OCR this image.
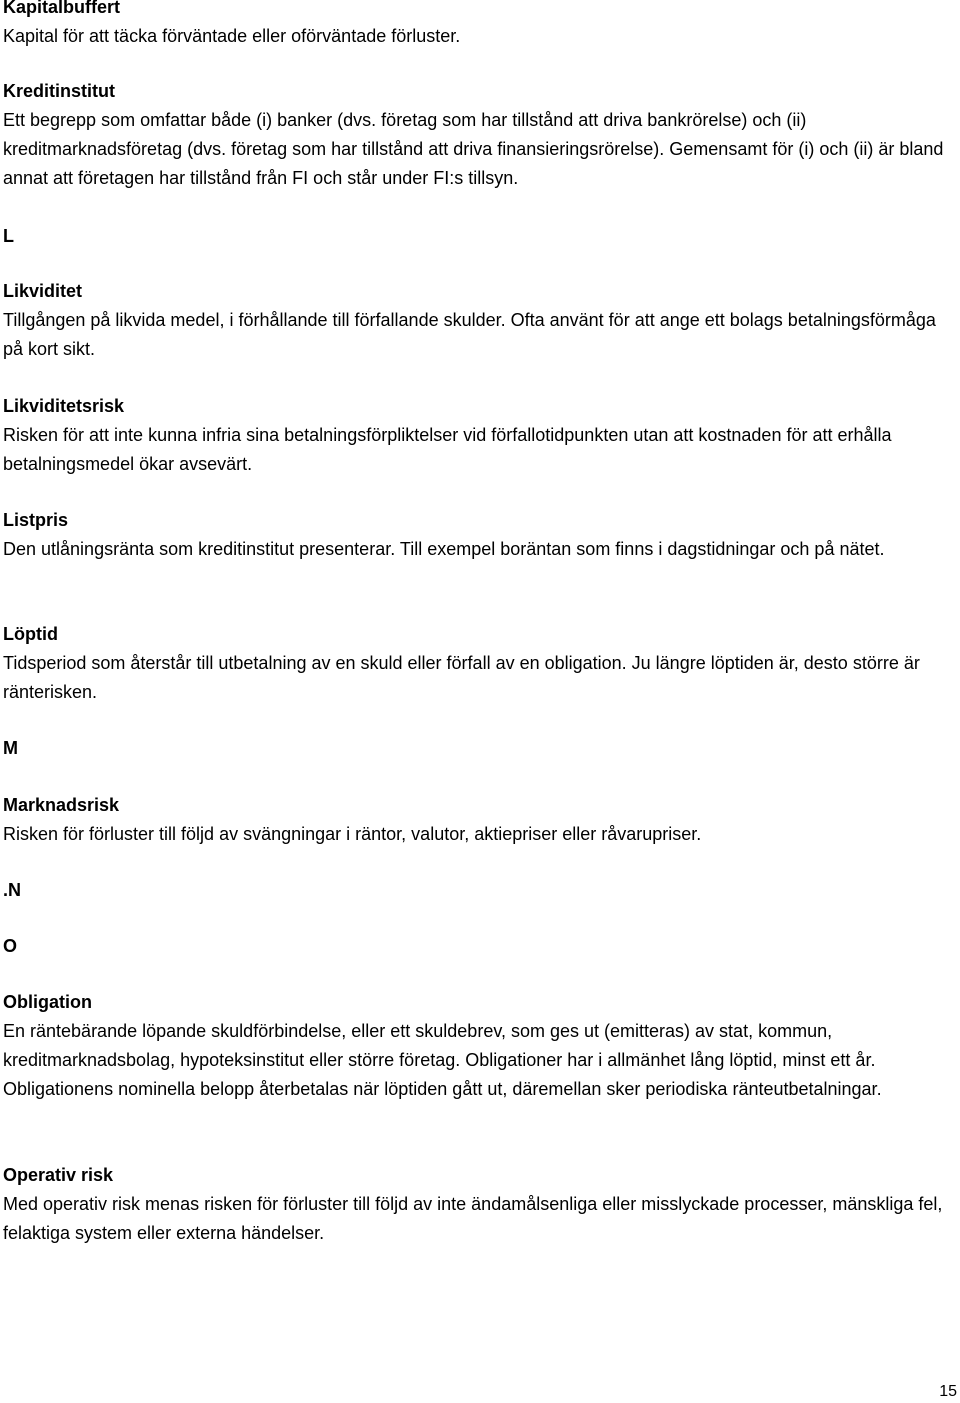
Kapitalbuffert

Kapital för att täcka förväntade eller oförväntade förluster.

Kreditinstitut

Ett begrepp som omfattar både (i) banker (dvs. företag som har tillstånd att driva bankrörelse) och (ii) kreditmarknadsföretag (dvs. företag som har tillstånd att driva finansieringsrörelse). Gemensamt för (i) och (ii) är bland annat att företagen har tillstånd från FI och står under FI:s tillsyn.

L

Likviditet

Tillgången på likvida medel, i förhållande till förfallande skulder. Ofta använt för att ange ett bolags betalningsförmåga på kort sikt.

Likviditetsrisk

Risken för att inte kunna infria sina betalningsförpliktelser vid förfallotidpunkten utan att kostnaden för att erhålla betalningsmedel ökar avsevärt.

Listpris

Den utlåningsränta som kreditinstitut presenterar. Till exempel boräntan som finns i dagstidningar och på nätet.

Löptid

Tidsperiod som återstår till utbetalning av en skuld eller förfall av en obligation. Ju längre löptiden är, desto större är ränterisken.

M

Marknadsrisk

Risken för förluster till följd av svängningar i räntor, valutor, aktiepriser eller råvarupriser.

.N
O

Obligation

En räntebärande löpande skuldförbindelse, eller ett skuldebrev, som ges ut (emitteras) av stat, kommun, kreditmarknadsbolag, hypoteksinstitut eller större företag. Obligationer har i allmänhet lång löptid, minst ett år. Obligationens nominella belopp återbetalas när löptiden gått ut, däremellan sker periodiska ränteutbetalningar.

Operativ risk

Med operativ risk menas risken för förluster till följd av inte ändamålsenliga eller misslyckade processer, mänskliga fel, felaktiga system eller externa händelser.

15
